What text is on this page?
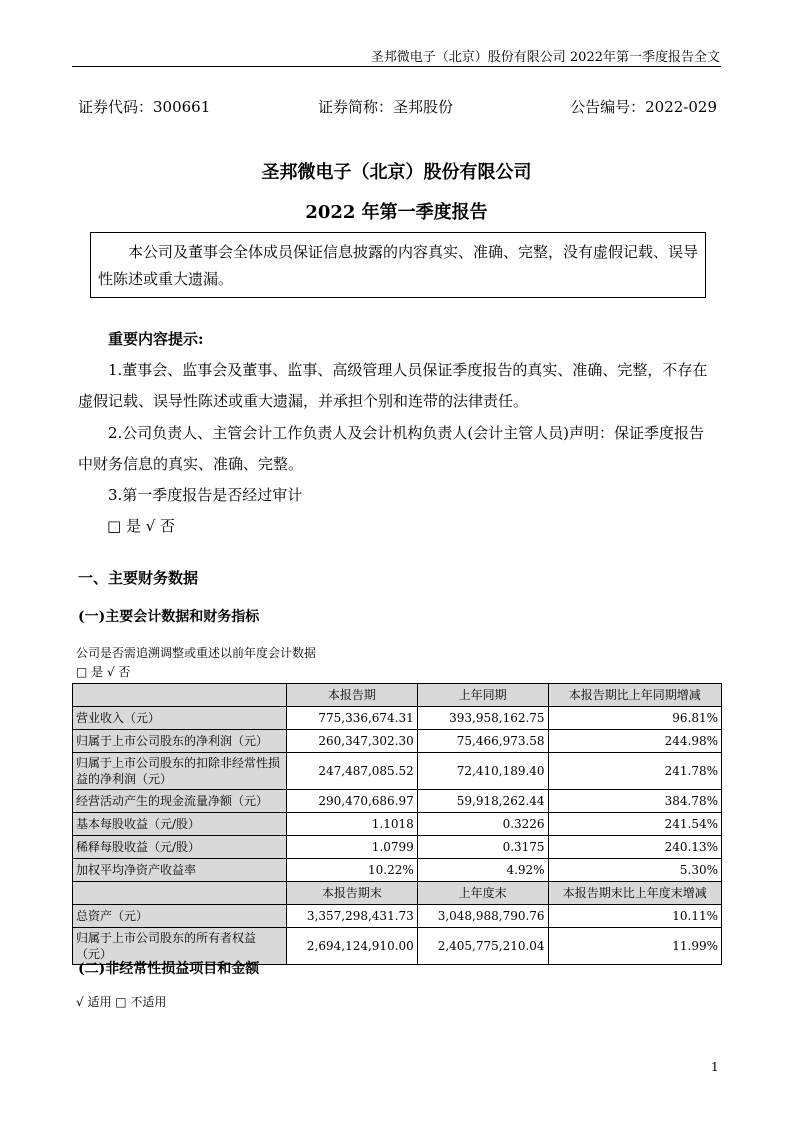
圣邦微电子（北京）股份有限公司 2022年第一季度报告全文
证券代码：300661	证券简称：圣邦股份	公告编号：2022-029
圣邦微电子（北京）股份有限公司
2022 年第一季度报告
本公司及董事会全体成员保证信息披露的内容真实、准确、完整，没有虚假记载、误导性陈述或重大遗漏。
重要内容提示:
1.董事会、监事会及董事、监事、高级管理人员保证季度报告的真实、准确、完整，不存在虚假记载、误导性陈述或重大遗漏，并承担个别和连带的法律责任。
2.公司负责人、主管会计工作负责人及会计机构负责人(会计主管人员)声明：保证季度报告中财务信息的真实、准确、完整。
3.第一季度报告是否经过审计
□ 是 √ 否
一、主要财务数据
(一)主要会计数据和财务指标
公司是否需追溯调整或重述以前年度会计数据
□ 是 √ 否
	本报告期	上年同期	本报告期比上年同期增减
营业收入（元）	775,336,674.31	393,958,162.75	96.81%
归属于上市公司股东的净利润（元）	260,347,302.30	75,466,973.58	244.98%
归属于上市公司股东的扣除非经常性损益的净利润（元）	247,487,085.52	72,410,189.40	241.78%
经营活动产生的现金流量净额（元）	290,470,686.97	59,918,262.44	384.78%
基本每股收益（元/股）	1.1018	0.3226	241.54%
稀释每股收益（元/股）	1.0799	0.3175	240.13%
加权平均净资产收益率	10.22%	4.92%	5.30%
	本报告期末	上年度末	本报告期末比上年度末增减
总资产（元）	3,357,298,431.73	3,048,988,790.76	10.11%
归属于上市公司股东的所有者权益（元）	2,694,124,910.00	2,405,775,210.04	11.99%
(二)非经常性损益项目和金额
√ 适用 □ 不适用
1
